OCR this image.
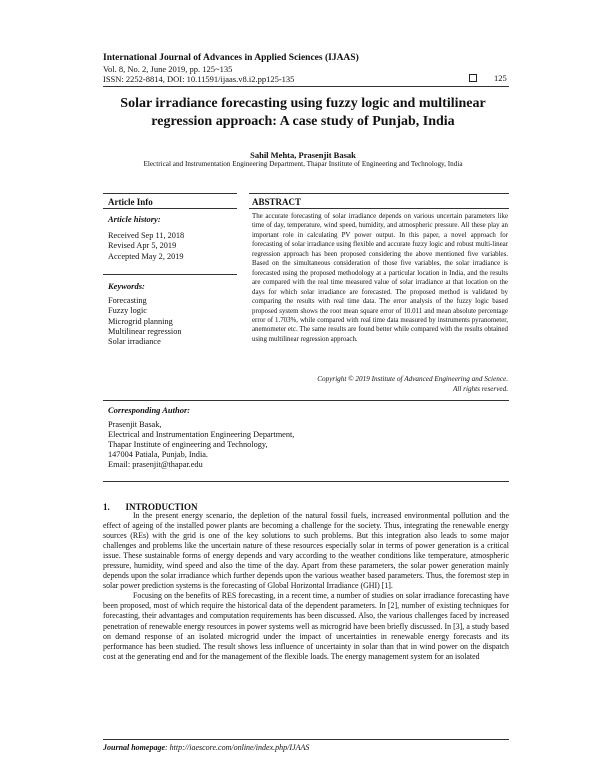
International Journal of Advances in Applied Sciences (IJAAS)
Vol. 8, No. 2, June 2019, pp. 125~135
ISSN: 2252-8814, DOI: 10.11591/ijaas.v8.i2.pp125-135	125
Solar irradiance forecasting using fuzzy logic and multilinear regression approach: A case study of Punjab, India
Sahil Mehta, Prasenjit Basak
Electrical and Instrumentation Engineering Department, Thapar Institute of Engineering and Technology, India
Article Info	ABSTRACT
Article history:
Received Sep 11, 2018
Revised Apr 5, 2019
Accepted May 2, 2019
Keywords:
Forecasting
Fuzzy logic
Microgrid planning
Multilinear regression
Solar irradiance
The accurate forecasting of solar irradiance depends on various uncertain parameters like time of day, temperature, wind speed, humidity, and atmospheric pressure. All these play an important role in calculating PV power output. In this paper, a novel approach for forecasting of solar irradiance using flexible and accurate fuzzy logic and robust multi-linear regression approach has been proposed considering the above mentioned five variables. Based on the simultaneous consideration of those five variables, the solar irradiance is forecasted using the proposed methodology at a particular location in India, and the results are compared with the real time measured value of solar irradiance at that location on the days for which solar irradiance are forecasted. The proposed method is validated by comparing the results with real time data. The error analysis of the fuzzy logic based proposed system shows the root mean square error of 10.011 and mean absolute percentage error of 1.703%, while compared with real time data measured by instruments pyranometer, anemometer etc. The same results are found better while compared with the results obtained using multilinear regression approach.
Copyright © 2019 Institute of Advanced Engineering and Science.
All rights reserved.
Corresponding Author:
Prasenjit Basak,
Electrical and Instrumentation Engineering Department,
Thapar Institute of engineering and Technology,
147004 Patiala, Punjab, India.
Email: prasenjit@thapar.edu
1.       INTRODUCTION

In the present energy scenario, the depletion of the natural fossil fuels, increased environmental pollution and the effect of ageing of the installed power plants are becoming a challenge for the society. Thus, integrating the renewable energy sources (REs) with the grid is one of the key solutions to such problems. But this integration also leads to some major challenges and problems like the uncertain nature of these resources especially solar in terms of power generation is a critical issue. These sustainable forms of energy depends and vary according to the weather conditions like temperature, atmospheric pressure, humidity, wind speed and also the time of the day. Apart from these parameters, the solar power generation mainly depends upon the solar irradiance which further depends upon the various weather based parameters. Thus, the foremost step in solar power prediction systems is the forecasting of Global Horizontal Irradiance (GHI) [1].

Focusing on the benefits of RES forecasting, in a recent time, a number of studies on solar irradiance forecasting have been proposed, most of which require the historical data of the dependent parameters. In [2], number of existing techniques for forecasting, their advantages and computation requirements has been discussed. Also, the various challenges faced by increased penetration of renewable energy resources in power systems well as microgrid have been briefly discussed. In [3], a study based on demand response of an isolated microgrid under the impact of uncertainties in renewable energy forecasts and its performance has been studied. The result shows less influence of uncertainty in solar than that in wind power on the dispatch cost at the generating end and for the management of the flexible loads. The energy management system for an isolated

Journal homepage: http://iaescore.com/online/index.php/IJAAS
